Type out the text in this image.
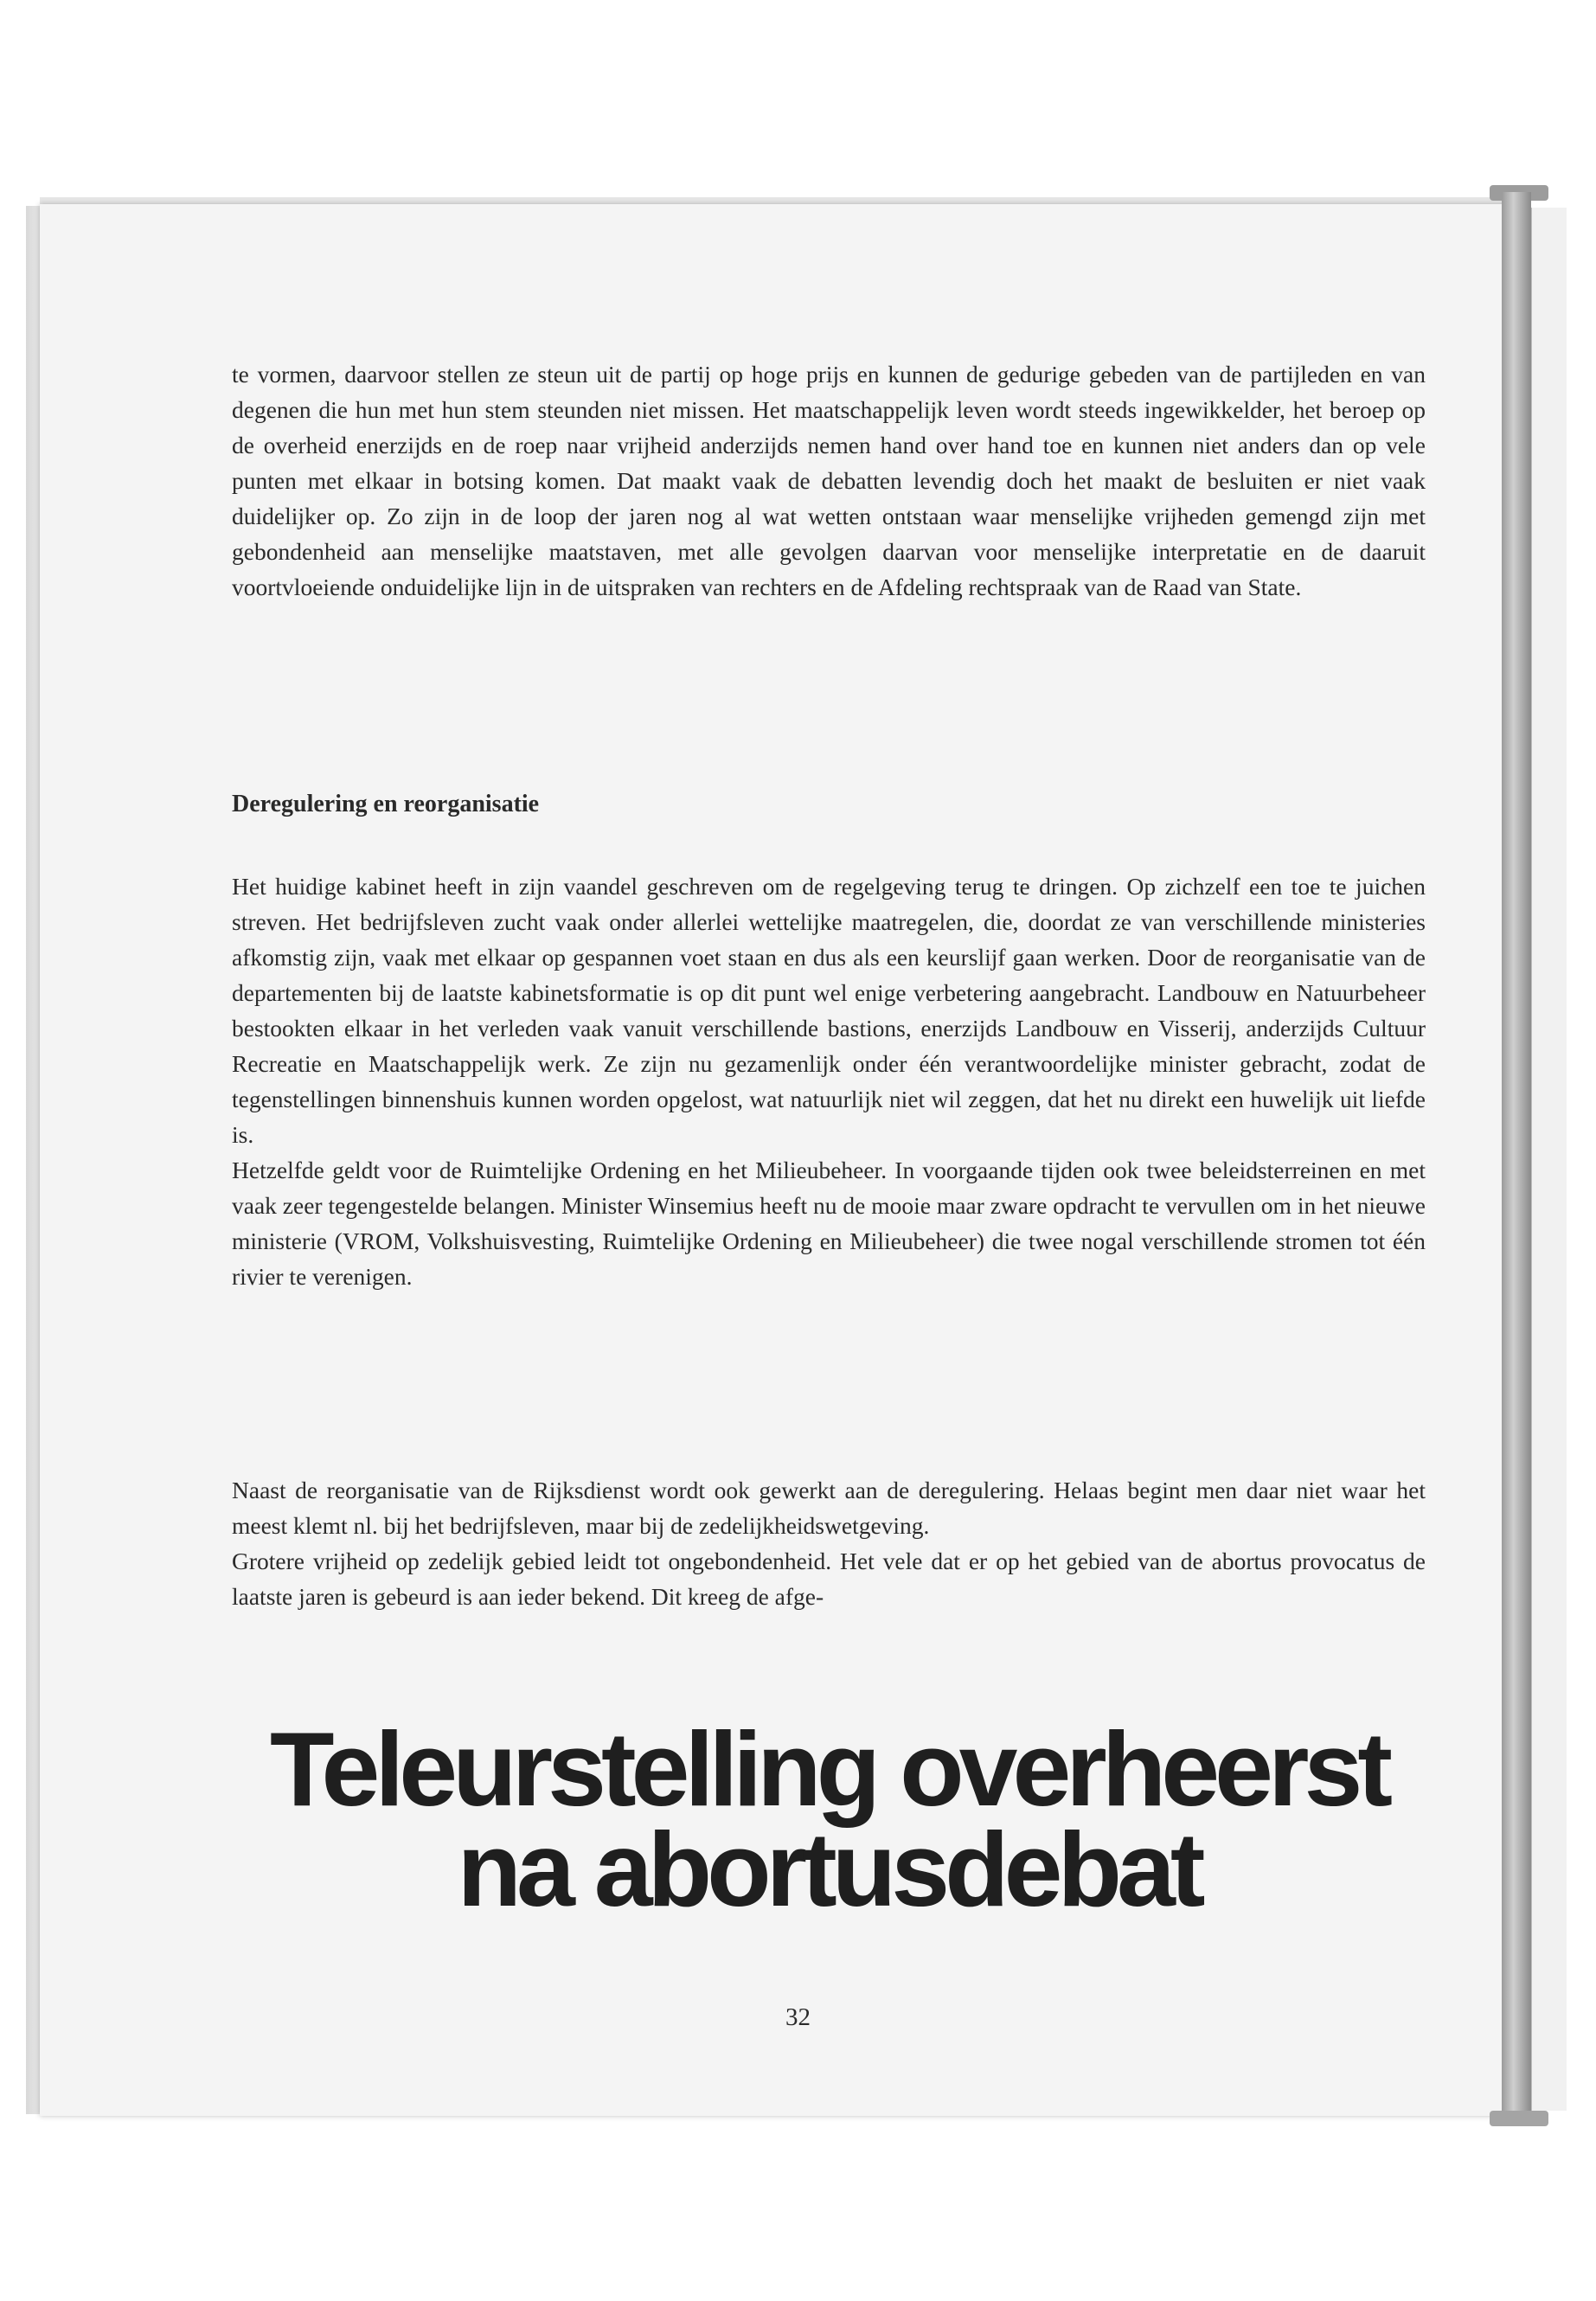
te vormen, daarvoor stellen ze steun uit de partij op hoge prijs en kunnen de gedurige gebeden van de partijleden en van degenen die hun met hun stem steunden niet missen. Het maatschappelijk leven wordt steeds ingewikkelder, het beroep op de overheid enerzijds en de roep naar vrijheid anderzijds nemen hand over hand toe en kunnen niet anders dan op vele punten met elkaar in botsing komen. Dat maakt vaak de debatten levendig doch het maakt de besluiten er niet vaak duidelijker op. Zo zijn in de loop der jaren nog al wat wetten ontstaan waar menselijke vrijheden gemengd zijn met gebondenheid aan menselijke maatstaven, met alle gevolgen daarvan voor menselijke interpretatie en de daaruit voortvloeiende onduidelijke lijn in de uitspraken van rechters en de Afdeling rechtspraak van de Raad van State.

Deregulering en reorganisatie

Het huidige kabinet heeft in zijn vaandel geschreven om de regelgeving terug te dringen. Op zichzelf een toe te juichen streven. Het bedrijfsleven zucht vaak onder allerlei wettelijke maatregelen, die, doordat ze van verschillende ministeries afkomstig zijn, vaak met elkaar op gespannen voet staan en dus als een keurslijf gaan werken. Door de reorganisatie van de departementen bij de laatste kabinetsformatie is op dit punt wel enige verbetering aangebracht. Landbouw en Natuurbeheer bestookten elkaar in het verleden vaak vanuit verschillende bastions, enerzijds Landbouw en Visserij, anderzijds Cultuur Recreatie en Maatschappelijk werk. Ze zijn nu gezamenlijk onder één verantwoordelijke minister gebracht, zodat de tegenstellingen binnenshuis kunnen worden opgelost, wat natuurlijk niet wil zeggen, dat het nu direkt een huwelijk uit liefde is.

Hetzelfde geldt voor de Ruimtelijke Ordening en het Milieubeheer. In voorgaande tijden ook twee beleidsterreinen en met vaak zeer tegengestelde belangen. Minister Winsemius heeft nu de mooie maar zware opdracht te vervullen om in het nieuwe ministerie (VROM, Volkshuisvesting, Ruimtelijke Ordening en Milieubeheer) die twee nogal verschillende stromen tot één rivier te verenigen.

Naast de reorganisatie van de Rijksdienst wordt ook gewerkt aan de deregulering. Helaas begint men daar niet waar het meest klemt nl. bij het bedrijfsleven, maar bij de zedelijkheidswetgeving.

Grotere vrijheid op zedelijk gebied leidt tot ongebondenheid. Het vele dat er op het gebied van de abortus provocatus de laatste jaren is gebeurd is aan ieder bekend. Dit kreeg de afge-

Teleurstelling overheerst
na abortusdebat
32
